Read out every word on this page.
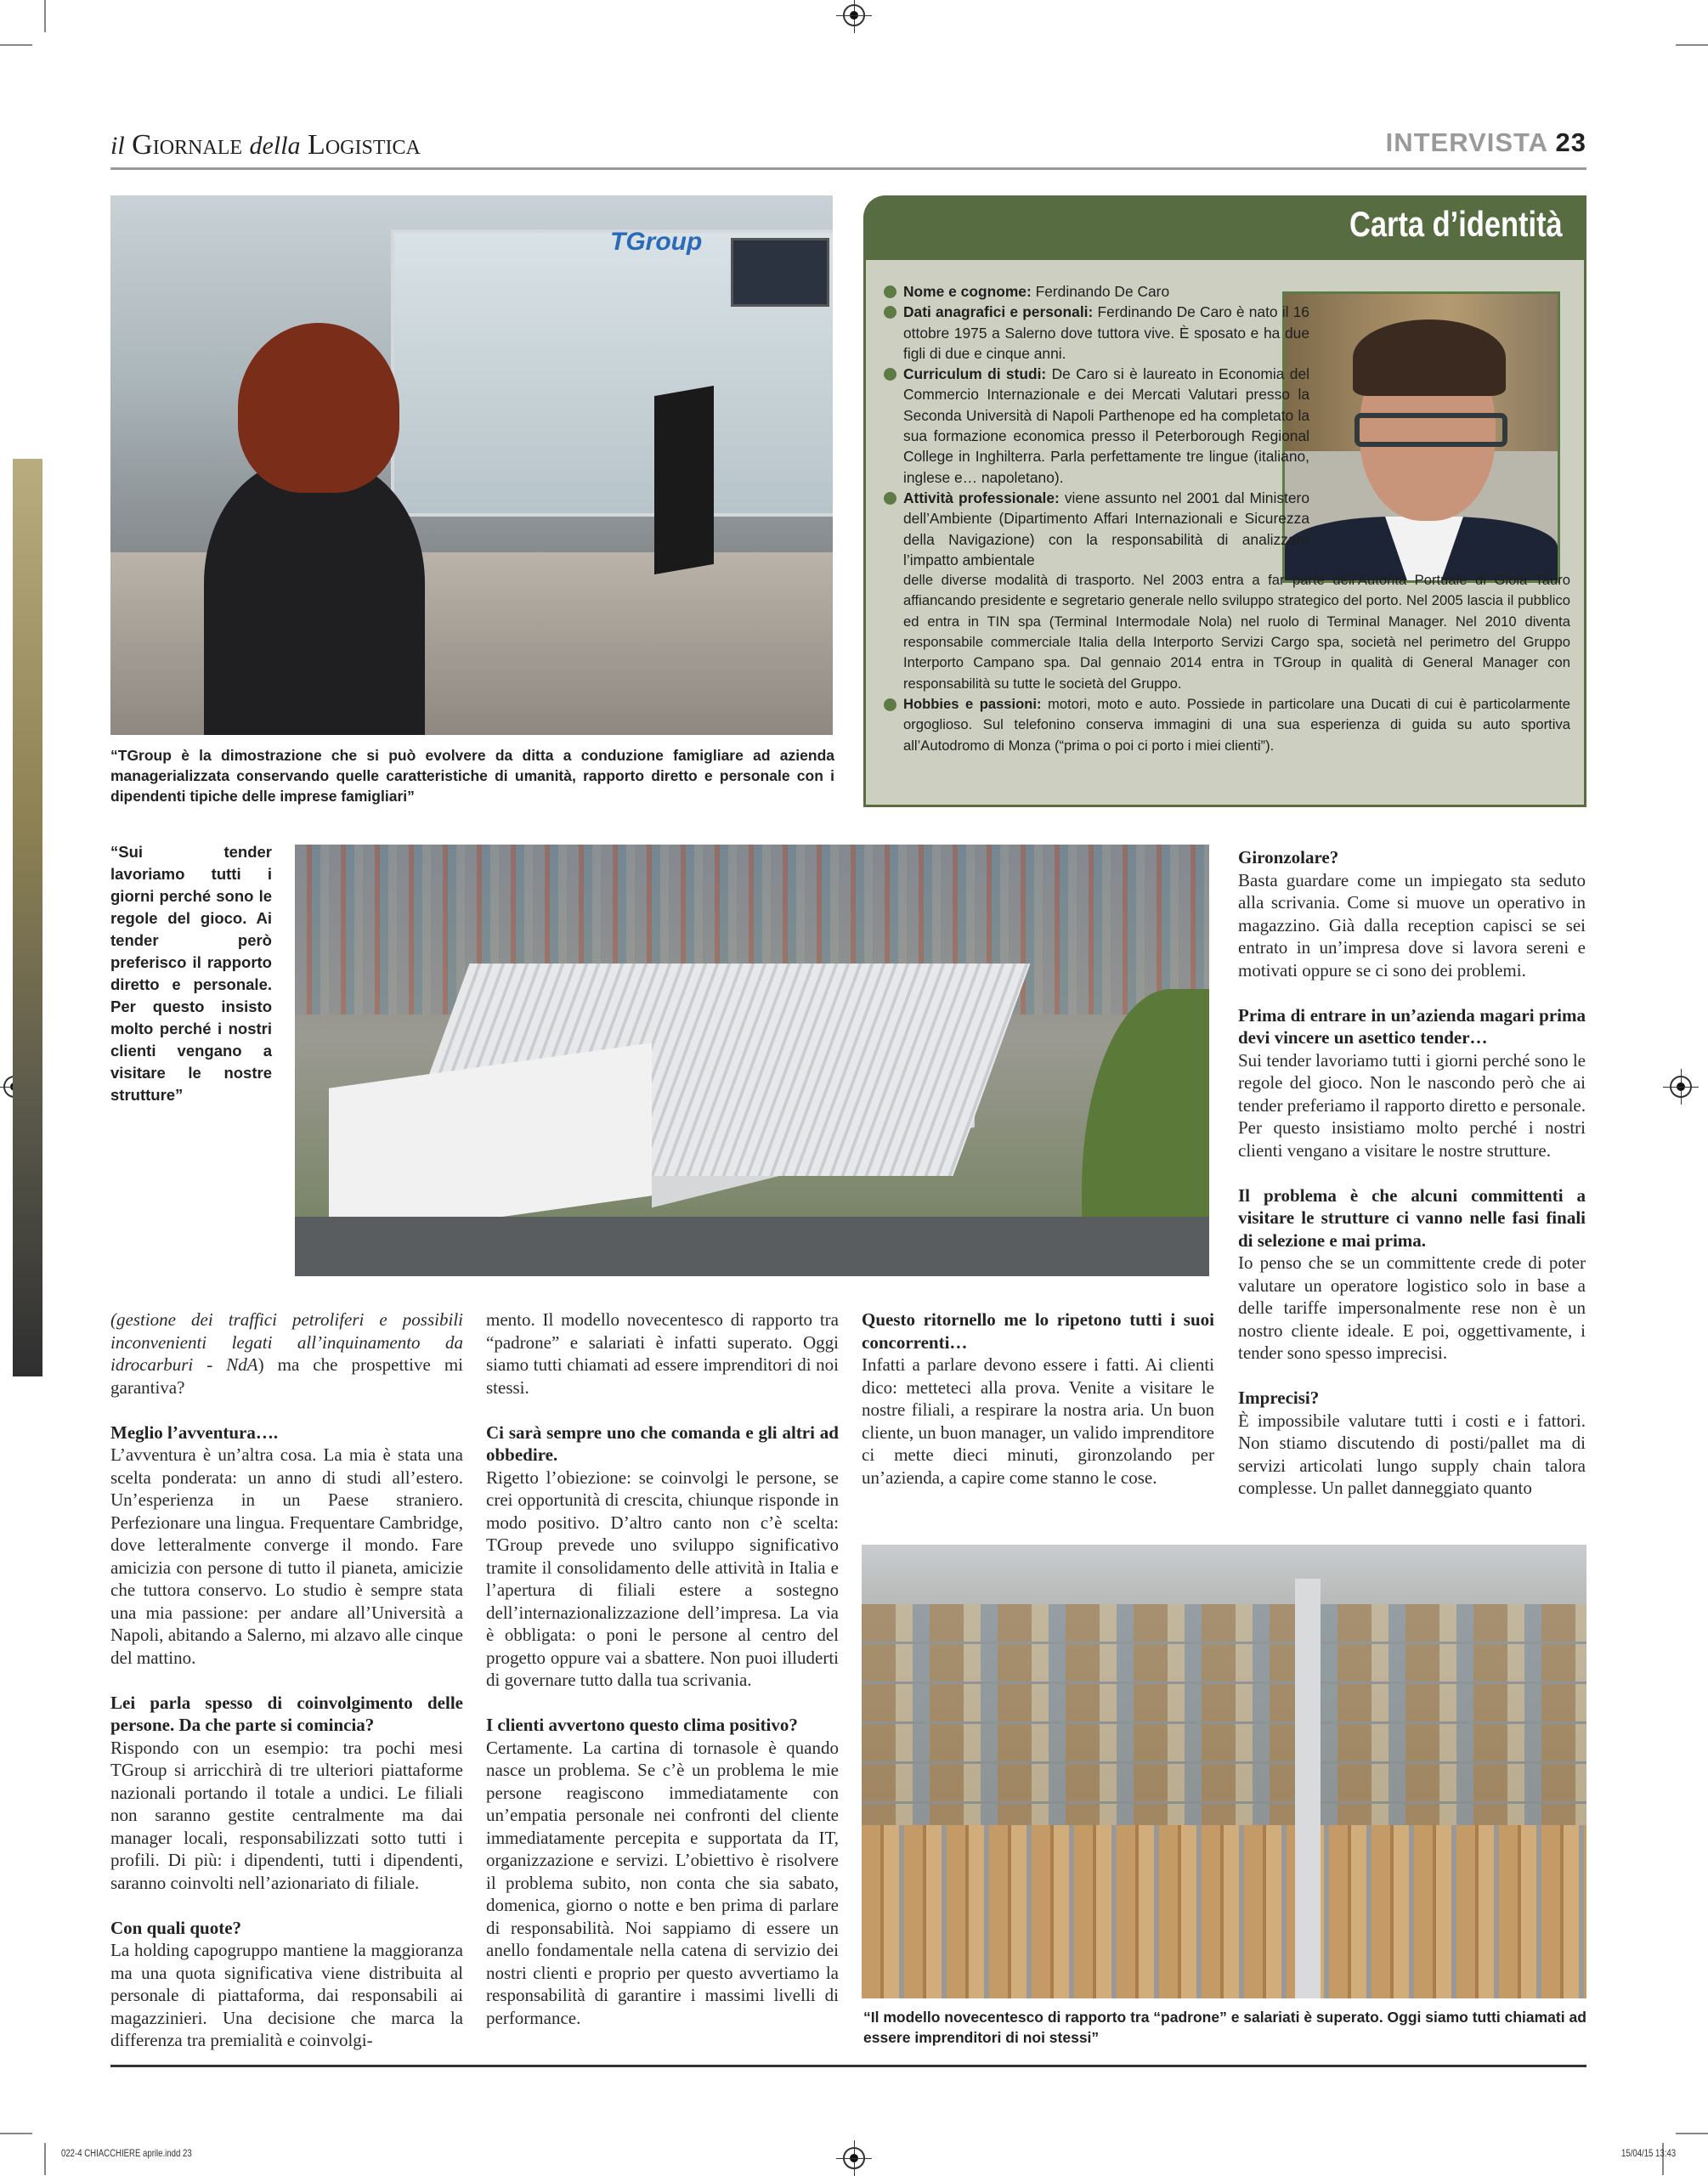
il Giornale della Logistica	INTERVISTA 23
TGroup
“TGroup è la dimostrazione che si può evolvere da ditta a conduzione famigliare ad azienda managerializzata conservando quelle caratteristiche di umanità, rapporto diretto e personale con i dipendenti tipiche delle imprese famigliari”
Carta d’identità

Nome e cognome: Ferdinando De Caro

Dati anagrafici e personali: Ferdinando De Caro è nato il 16 ottobre 1975 a Salerno dove tuttora vive. È sposato e ha due figli di due e cinque anni.

Curriculum di studi: De Caro si è laureato in Economia del Commercio Internazionale e dei Mercati Valutari presso la Seconda Università di Napoli Parthenope ed ha completato la sua formazione economica presso il Peterborough Regional College in Inghilterra. Parla perfettamente tre lingue (italiano, inglese e… napoletano).

Attività professionale: viene assunto nel 2001 dal Ministero dell’Ambiente (Dipartimento Affari Internazionali e Sicurezza della Navigazione) con la responsabilità di analizzare l’impatto ambientale

delle diverse modalità di trasporto. Nel 2003 entra a far parte dell’Autorità Portuale di Gioia Tauro affiancando presidente e segretario generale nello sviluppo strategico del porto. Nel 2005 lascia il pubblico ed entra in TIN spa (Terminal Intermodale Nola) nel ruolo di Terminal Manager. Nel 2010 diventa responsabile commerciale Italia della Interporto Servizi Cargo spa, società nel perimetro del Gruppo Interporto Campano spa. Dal gennaio 2014 entra in TGroup in qualità di General Manager con responsabilità su tutte le società del Gruppo.

Hobbies e passioni: motori, moto e auto. Possiede in particolare una Ducati di cui è particolarmente orgoglioso. Sul telefonino conserva immagini di una sua esperienza di guida su auto sportiva all’Autodromo di Monza (“prima o poi ci porto i miei clienti”).

“Sui tender lavoriamo tutti i giorni perché sono le regole del gioco. Ai tender però preferisco il rapporto diretto e personale. Per questo insisto molto perché i nostri clienti vengano a visitare le nostre strutture”

(gestione dei traffici petroliferi e possibili inconvenienti legati all’inquinamento da idrocarburi - NdA) ma che prospettive mi garantiva?

Meglio l’avventura….
L’avventura è un’altra cosa. La mia è stata una scelta ponderata: un anno di studi all’estero. Un’esperienza in un Paese straniero. Perfezionare una lingua. Frequentare Cambridge, dove letteralmente converge il mondo. Fare amicizia con persone di tutto il pianeta, amicizie che tuttora conservo. Lo studio è sempre stata una mia passione: per andare all’Università a Napoli, abitando a Salerno, mi alzavo alle cinque del mattino.

Lei parla spesso di coinvolgimento delle persone. Da che parte si comincia?
Rispondo con un esempio: tra pochi mesi TGroup si arricchirà di tre ulteriori piattaforme nazionali portando il totale a undici. Le filiali non saranno gestite centralmente ma dai manager locali, responsabilizzati sotto tutti i profili. Di più: i dipendenti, tutti i dipendenti, saranno coinvolti nell’azionariato di filiale.

Con quali quote?
La holding capogruppo mantiene la maggioranza ma una quota significativa viene distribuita al personale di piattaforma, dai responsabili ai magazzinieri. Una decisione che marca la differenza tra premialità e coinvolgi-

mento. Il modello novecentesco di rapporto tra “padrone” e salariati è infatti superato. Oggi siamo tutti chiamati ad essere imprenditori di noi stessi.

Ci sarà sempre uno che comanda e gli altri ad obbedire.
Rigetto l’obiezione: se coinvolgi le persone, se crei opportunità di crescita, chiunque risponde in modo positivo. D’altro canto non c’è scelta: TGroup prevede uno sviluppo significativo tramite il consolidamento delle attività in Italia e l’apertura di filiali estere a sostegno dell’internazionalizzazione dell’impresa. La via è obbligata: o poni le persone al centro del progetto oppure vai a sbattere. Non puoi illuderti di governare tutto dalla tua scrivania.

I clienti avvertono questo clima positivo?
Certamente. La cartina di tornasole è quando nasce un problema. Se c’è un problema le mie persone reagiscono immediatamente con un’empatia personale nei confronti del cliente immediatamente percepita e supportata da IT, organizzazione e servizi. L’obiettivo è risolvere il problema subito, non conta che sia sabato, domenica, giorno o notte e ben prima di parlare di responsabilità. Noi sappiamo di essere un anello fondamentale nella catena di servizio dei nostri clienti e proprio per questo avvertiamo la responsabilità di garantire i massimi livelli di performance.

Questo ritornello me lo ripetono tutti i suoi concorrenti…
Infatti a parlare devono essere i fatti. Ai clienti dico: metteteci alla prova. Venite a visitare le nostre filiali, a respirare la nostra aria. Un buon cliente, un buon manager, un valido imprenditore ci mette dieci minuti, gironzolando per un’azienda, a capire come stanno le cose.

Gironzolare?
Basta guardare come un impiegato sta seduto alla scrivania. Come si muove un operativo in magazzino. Già dalla reception capisci se sei entrato in un’impresa dove si lavora sereni e motivati oppure se ci sono dei problemi.

Prima di entrare in un’azienda magari prima devi vincere un asettico tender…
Sui tender lavoriamo tutti i giorni perché sono le regole del gioco. Non le nascondo però che ai tender preferiamo il rapporto diretto e personale. Per questo insistiamo molto perché i nostri clienti vengano a visitare le nostre strutture.

Il problema è che alcuni committenti a visitare le strutture ci vanno nelle fasi finali di selezione e mai prima.
Io penso che se un committente crede di poter valutare un operatore logistico solo in base a delle tariffe impersonalmente rese non è un nostro cliente ideale. E poi, oggettivamente, i tender sono spesso imprecisi.

Imprecisi?
È impossibile valutare tutti i costi e i fattori. Non stiamo discutendo di posti/pallet ma di servizi articolati lungo supply chain talora complesse. Un pallet danneggiato quanto

“Il modello novecentesco di rapporto tra “padrone” e salariati è superato. Oggi siamo tutti chiamati ad essere imprenditori di noi stessi”
022-4 CHIACCHIERE aprile.indd 23	15/04/15 13:43
